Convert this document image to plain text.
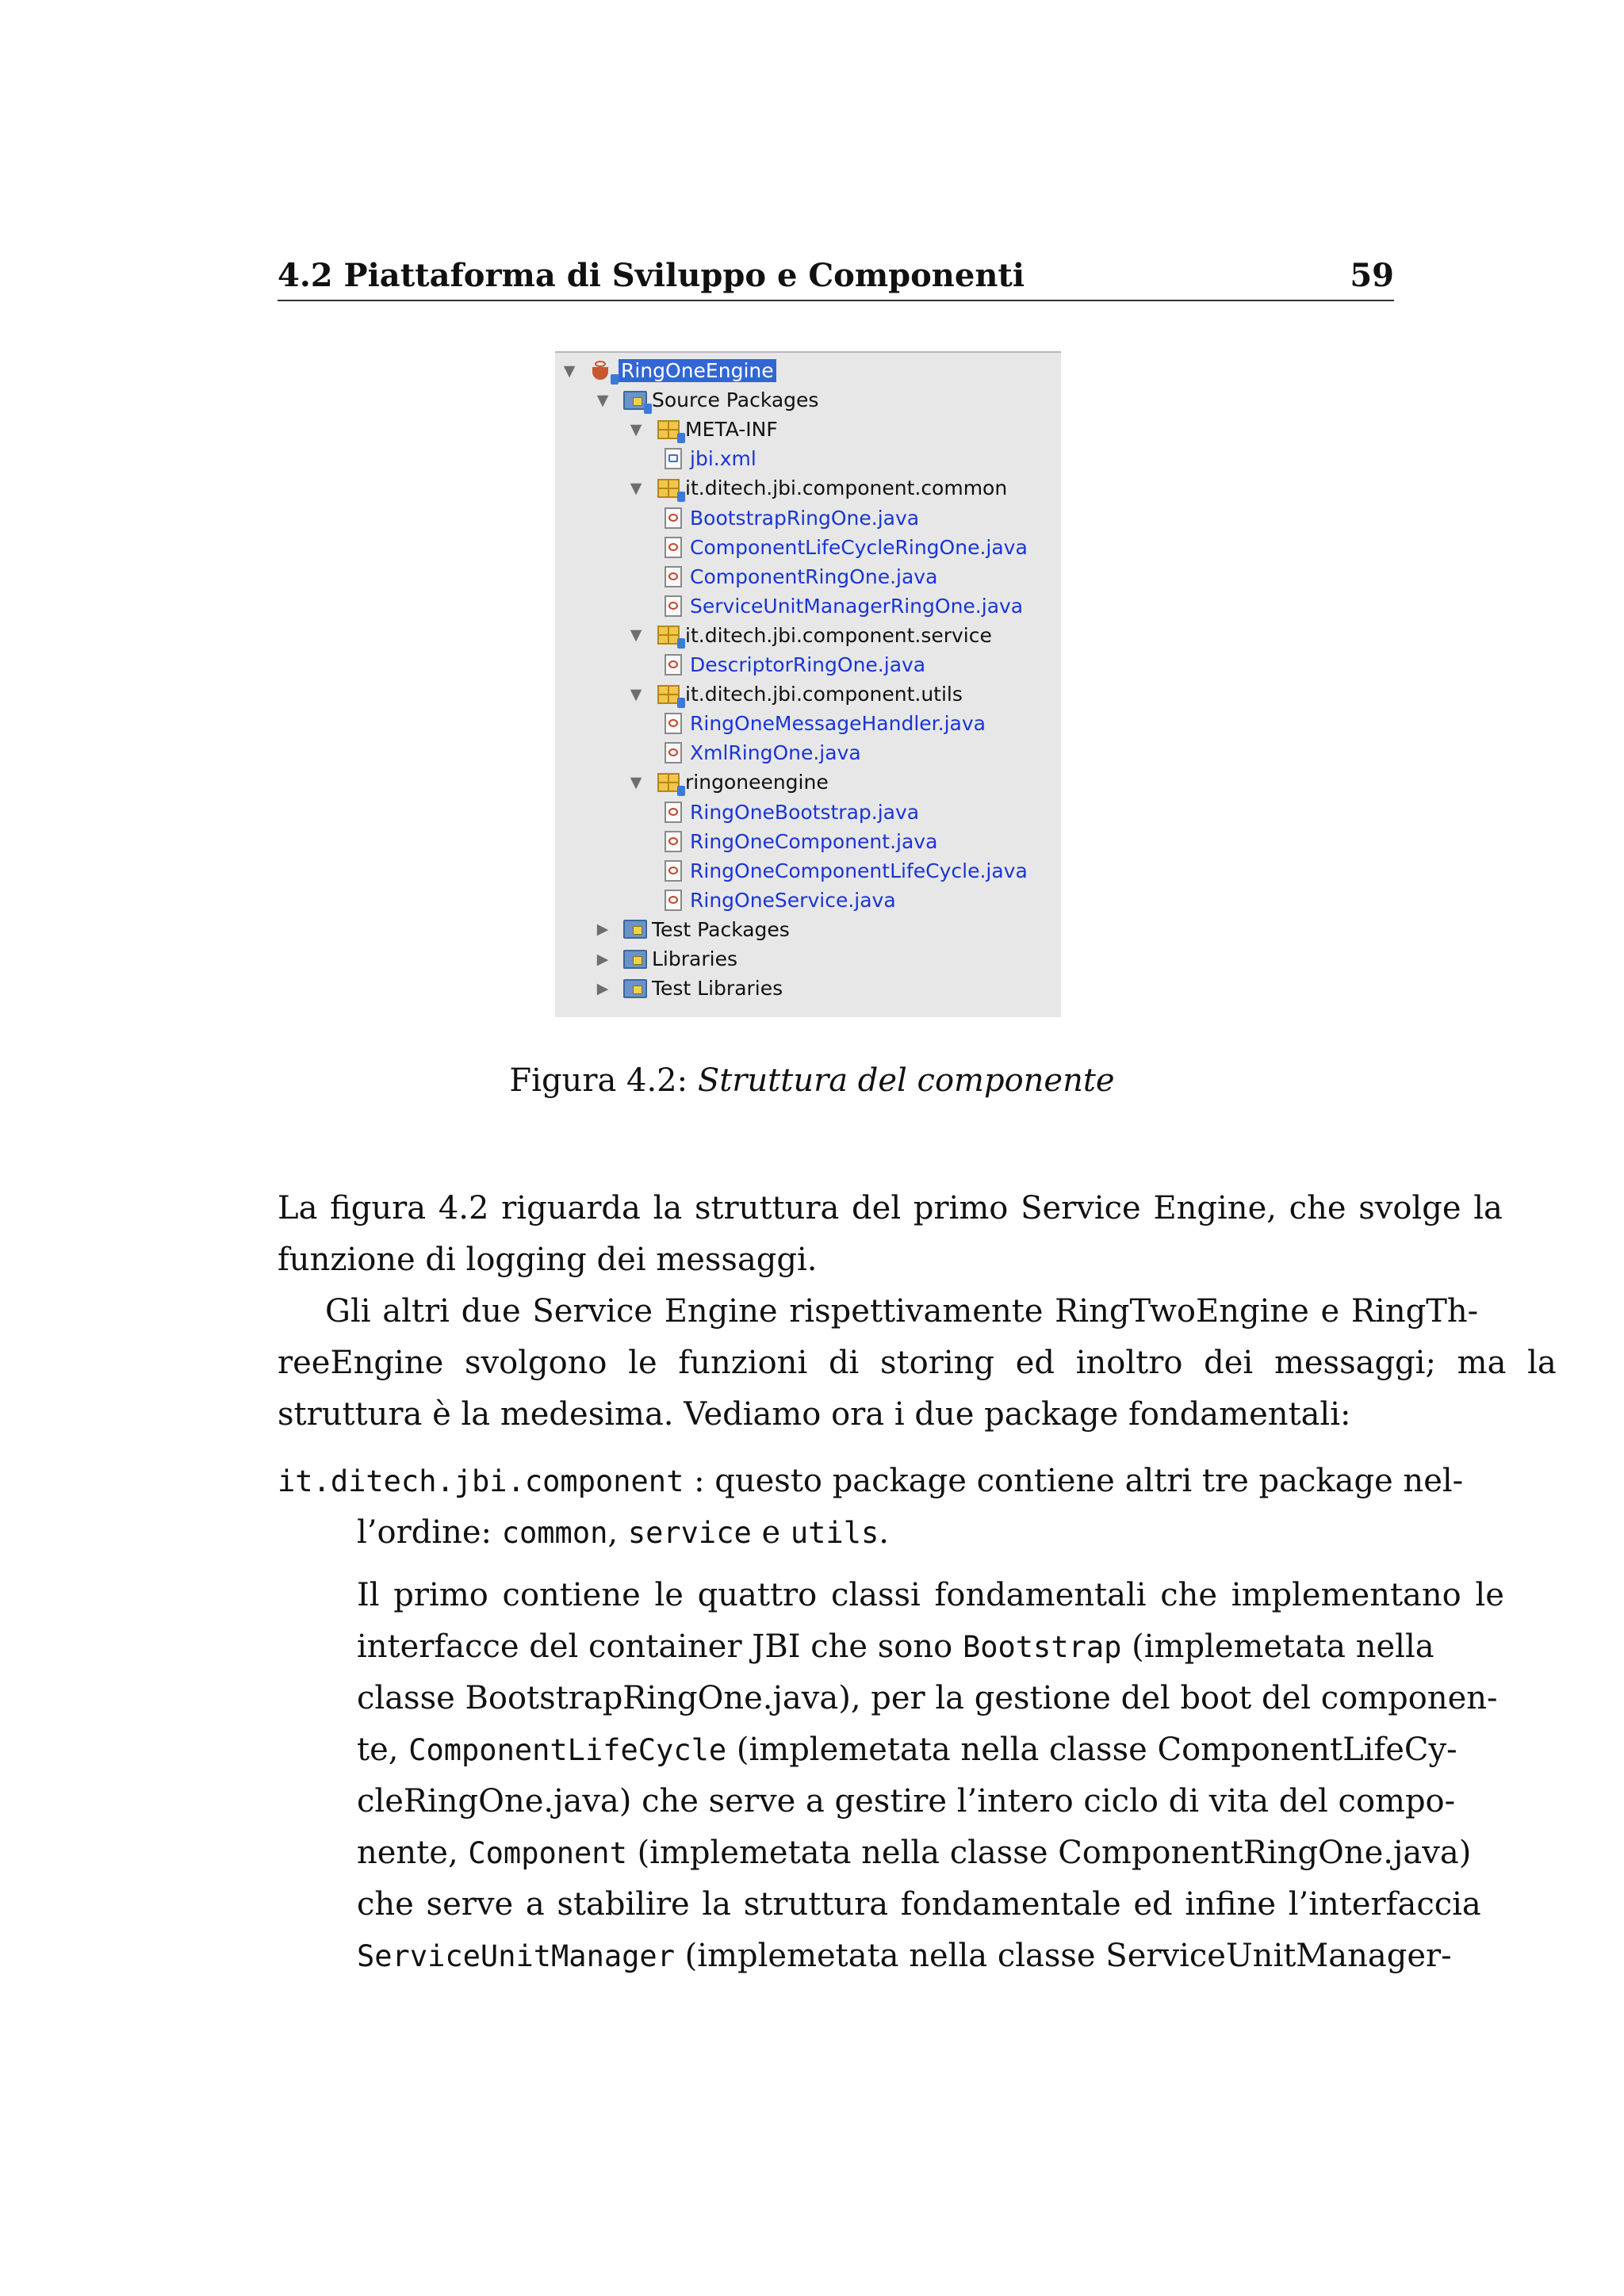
4.2 Piattaforma di Sviluppo e Componenti	59
▼ RingOneEngine
▼ Source Packages
▼ META-INF
jbi.xml
▼ it.ditech.jbi.component.common
BootstrapRingOne.java
ComponentLifeCycleRingOne.java
ComponentRingOne.java
ServiceUnitManagerRingOne.java
▼ it.ditech.jbi.component.service
DescriptorRingOne.java
▼ it.ditech.jbi.component.utils
RingOneMessageHandler.java
XmlRingOne.java
▼ ringoneengine
RingOneBootstrap.java
RingOneComponent.java
RingOneComponentLifeCycle.java
RingOneService.java
▶ Test Packages
▶ Libraries
▶ Test Libraries
Figura 4.2: Struttura del componente
La figura 4.2 riguarda la struttura del primo Service Engine, che svolge la
funzione di logging dei messaggi.
Gli altri due Service Engine rispettivamente RingTwoEngine e RingTh-
reeEngine svolgono le funzioni di storing ed inoltro dei messaggi; ma la
struttura è la medesima. Vediamo ora i due package fondamentali:
it.ditech.jbi.component : questo package contiene altri tre package nel-
l’ordine: common, service e utils.
Il primo contiene le quattro classi fondamentali che implementano le
interfacce del container JBI che sono Bootstrap (implemetata nella
classe BootstrapRingOne.java), per la gestione del boot del componen-
te, ComponentLifeCycle (implemetata nella classe ComponentLifeCy-
cleRingOne.java) che serve a gestire l’intero ciclo di vita del compo-
nente, Component (implemetata nella classe ComponentRingOne.java)
che serve a stabilire la struttura fondamentale ed infine l’interfaccia
ServiceUnitManager (implemetata nella classe ServiceUnitManager-
